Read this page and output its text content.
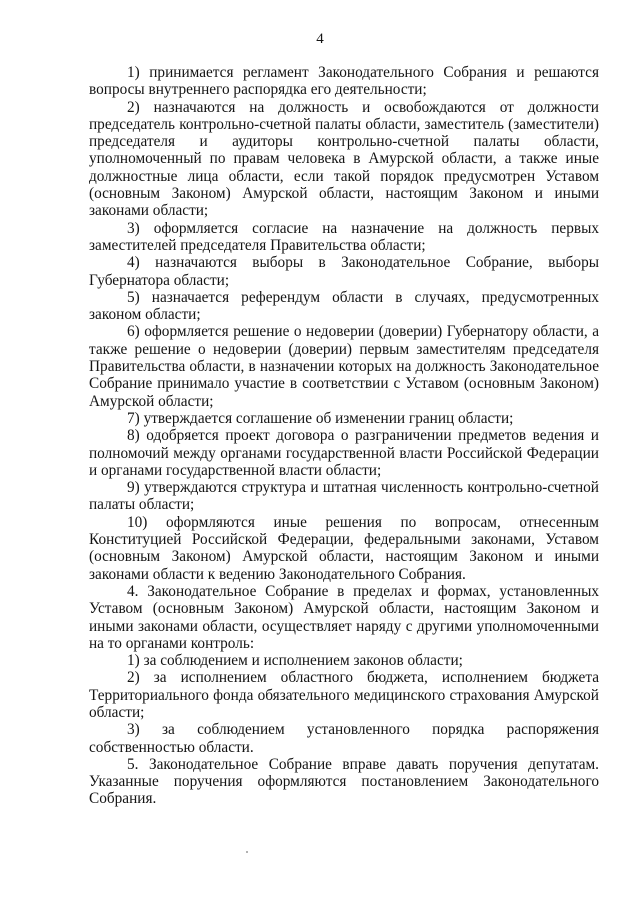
4

1) принимается регламент Законодательного Собрания и решаются вопросы внутреннего распорядка его деятельности;

2) назначаются на должность и освобождаются от должности председатель контрольно-счетной палаты области, заместитель (заместители) председателя и аудиторы контрольно-счетной палаты области, уполномоченный по правам человека в Амурской области, а также иные должностные лица области, если такой порядок предусмотрен Уставом (основным Законом) Амурской области, настоящим Законом и иными законами области;

3) оформляется согласие на назначение на должность первых заместителей председателя Правительства области;

4) назначаются выборы в Законодательное Собрание, выборы Губернатора области;

5) назначается референдум области в случаях, предусмотренных законом области;

6) оформляется решение о недоверии (доверии) Губернатору области, а также решение о недоверии (доверии) первым заместителям председателя Правительства области, в назначении которых на должность Законодательное Собрание принимало участие в соответствии с Уставом (основным Законом) Амурской области;

7) утверждается соглашение об изменении границ области;

8) одобряется проект договора о разграничении предметов ведения и полномочий между органами государственной власти Российской Федерации и органами государственной власти области;

9) утверждаются структура и штатная численность контрольно-счетной палаты области;

10) оформляются иные решения по вопросам, отнесенным Конституцией Российской Федерации, федеральными законами, Уставом (основным Законом) Амурской области, настоящим Законом и иными законами области к ведению Законодательного Собрания.

4. Законодательное Собрание в пределах и формах, установленных Уставом (основным Законом) Амурской области, настоящим Законом и иными законами области, осуществляет наряду с другими уполномоченными на то органами контроль:

1) за соблюдением и исполнением законов области;

2) за исполнением областного бюджета, исполнением бюджета Территориального фонда обязательного медицинского страхования Амурской области;

3) за соблюдением установленного порядка распоряжения собственностью области.

5. Законодательное Собрание вправе давать поручения депутатам. Указанные поручения оформляются постановлением Законодательного Собрания.
